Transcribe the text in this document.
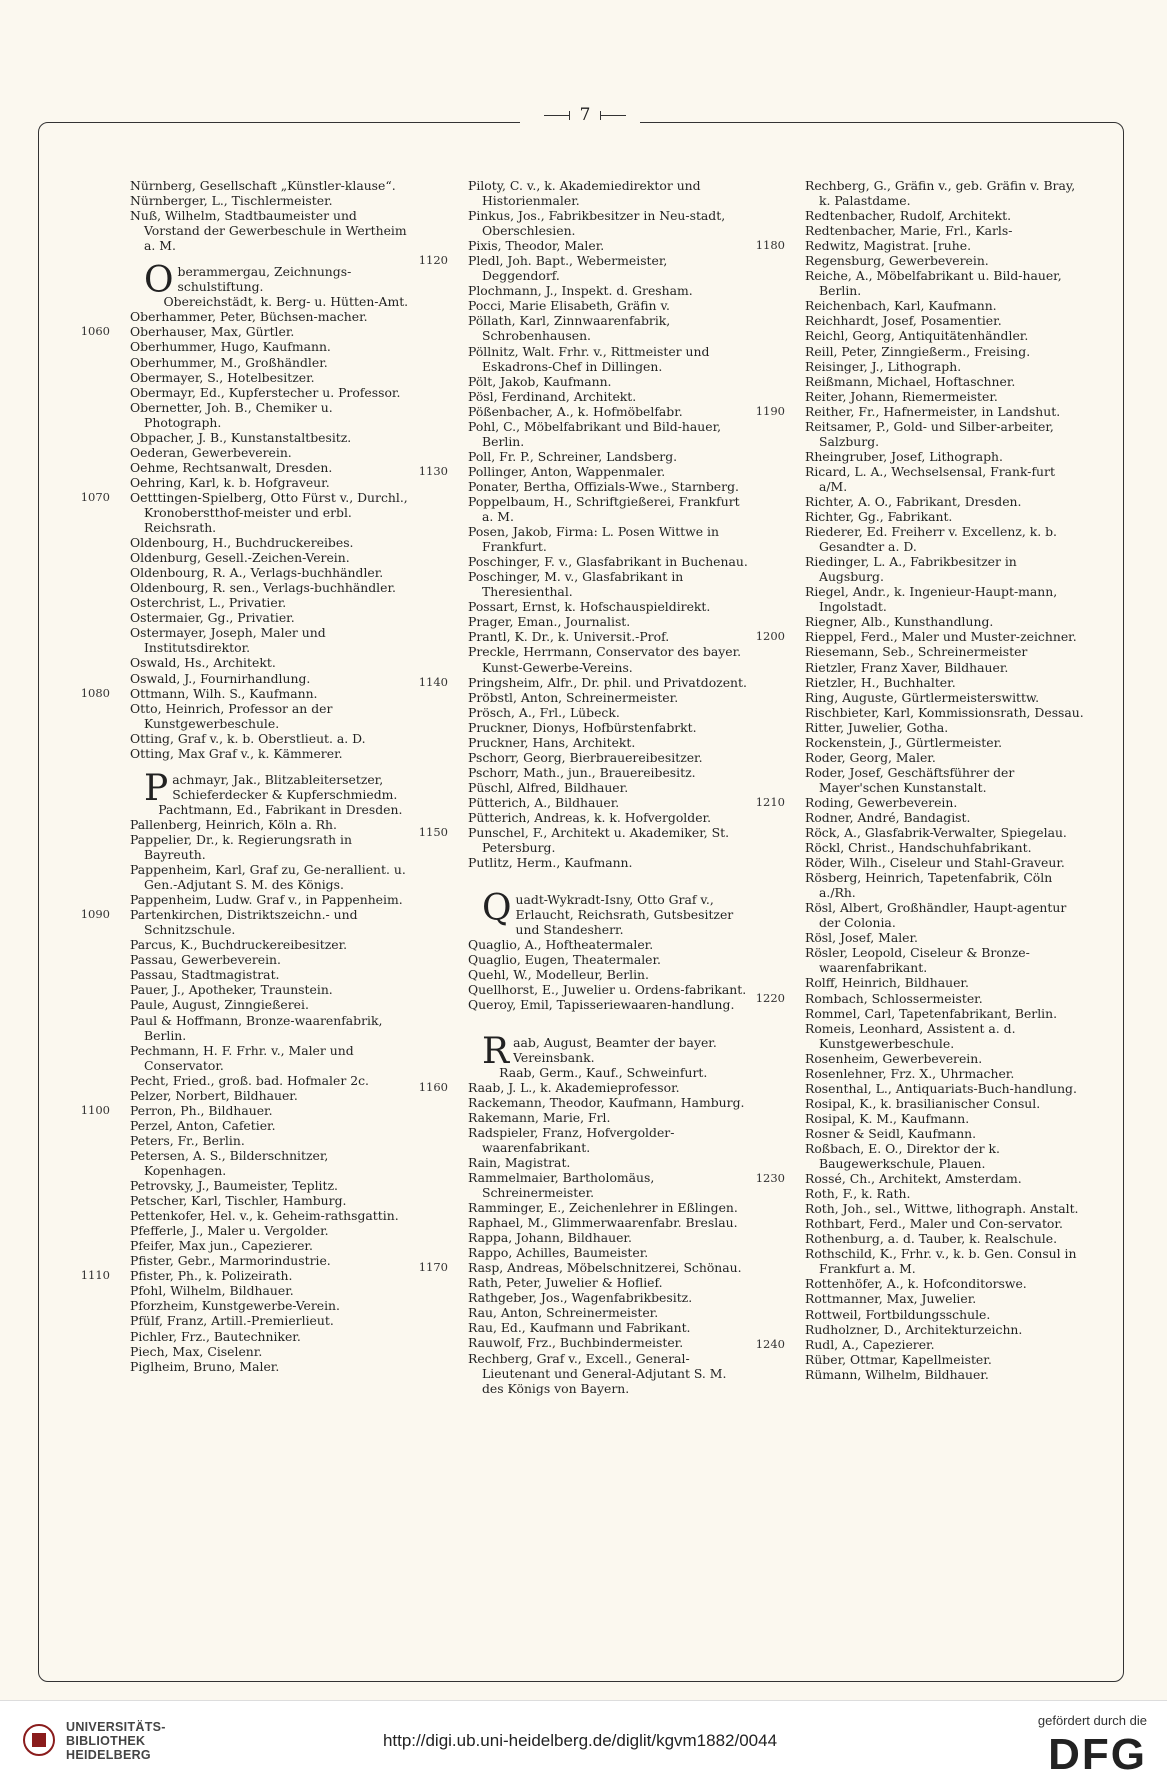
7
Nürnberg, Gesellschaft „Künstler-klause“.
Nürnberger, L., Tischlermeister.
Nuß, Wilhelm, Stadtbaumeister und Vorstand der Gewerbeschule in Wertheim a. M.
Oberammergau, Zeichnungs-schulstiftung.
Obereichstädt, k. Berg- u. Hütten-Amt.
Oberhammer, Peter, Büchsen-macher.
1060 Oberhauser, Max, Gürtler.
Oberhummer, Hugo, Kaufmann.
Oberhummer, M., Großhändler.
Obermayer, S., Hotelbesitzer.
Obermayr, Ed., Kupferstecher u. Professor.
Obernetter, Joh. B., Chemiker u. Photograph.
Obpacher, J. B., Kunstanstaltbesitz.
Oederan, Gewerbeverein.
Oehme, Rechtsanwalt, Dresden.
Oehring, Karl, k. b. Hofgraveur.
1070 Oetttingen-Spielberg, Otto Fürst v., Durchl., Kronoberstthof-meister und erbl. Reichsrath.
Oldenbourg, H., Buchdruckereibes.
Oldenburg, Gesell.-Zeichen-Verein.
Oldenbourg, R. A., Verlags-buchhändler.
Oldenbourg, R. sen., Verlags-buchhändler.
Osterchrist, L., Privatier.
Ostermaier, Gg., Privatier.
Ostermayer, Joseph, Maler und Institutsdirektor.
Oswald, Hs., Architekt.
Oswald, J., Fournirhandlung.
1080 Ottmann, Wilh. S., Kaufmann.
Otto, Heinrich, Professor an der Kunstgewerbeschule.
Otting, Graf v., k. b. Oberstlieut. a. D.
Otting, Max Graf v., k. Kämmerer.
Pachmayr, Jak., Blitzableitersetzer, Schieferdecker & Kupferschmiedm.
Pachtmann, Ed., Fabrikant in Dresden.
Pallenberg, Heinrich, Köln a. Rh.
Pappelier, Dr., k. Regierungsrath in Bayreuth.
Pappenheim, Karl, Graf zu, Ge-nerallient. u. Gen.-Adjutant S. M. des Königs.
Pappenheim, Ludw. Graf v., in Pappenheim.
1090 Partenkirchen, Distriktszeichn.- und Schnitzschule.
Parcus, K., Buchdruckereibesitzer.
Passau, Gewerbeverein.
Passau, Stadtmagistrat.
Pauer, J., Apotheker, Traunstein.
Paule, August, Zinngießerei.
Paul & Hoffmann, Bronze-waarenfabrik, Berlin.
Pechmann, H. F. Frhr. v., Maler und Conservator.
Pecht, Fried., groß. bad. Hofmaler 2c.
Pelzer, Norbert, Bildhauer.
1100 Perron, Ph., Bildhauer.
Perzel, Anton, Cafetier.
Peters, Fr., Berlin.
Petersen, A. S., Bilderschnitzer, Kopenhagen.
Petrovsky, J., Baumeister, Teplitz.
Petscher, Karl, Tischler, Hamburg.
Pettenkofer, Hel. v., k. Geheim-rathsgattin.
Pfefferle, J., Maler u. Vergolder.
Pfeifer, Max jun., Capezierer.
Pfister, Gebr., Marmorindustrie.
1110 Pfister, Ph., k. Polizeirath.
Pfohl, Wilhelm, Bildhauer.
Pforzheim, Kunstgewerbe-Verein.
Pfülf, Franz, Artill.-Premierlieut.
Pichler, Frz., Bautechniker.
Piech, Max, Ciselenr.
Piglheim, Bruno, Maler.
Piloty, C. v., k. Akademiedirektor und Historienmaler.
Pinkus, Jos., Fabrikbesitzer in Neu-stadt, Oberschlesien.
Pixis, Theodor, Maler.
1120 Pledl, Joh. Bapt., Webermeister, Deggendorf.
Plochmann, J., Inspekt. d. Gresham.
Pocci, Marie Elisabeth, Gräfin v.
Pöllath, Karl, Zinnwaarenfabrik, Schrobenhausen.
Pöllnitz, Walt. Frhr. v., Rittmeister und Eskadrons-Chef in Dillingen.
Pölt, Jakob, Kaufmann.
Pösl, Ferdinand, Architekt.
Pößenbacher, A., k. Hofmöbelfabr.
Pohl, C., Möbelfabrikant und Bild-hauer, Berlin.
Poll, Fr. P., Schreiner, Landsberg.
1130 Pollinger, Anton, Wappenmaler.
Ponater, Bertha, Offizials-Wwe., Starnberg.
Poppelbaum, H., Schriftgießerei, Frankfurt a. M.
Posen, Jakob, Firma: L. Posen Wittwe in Frankfurt.
Poschinger, F. v., Glasfabrikant in Buchenau.
Poschinger, M. v., Glasfabrikant in Theresienthal.
Possart, Ernst, k. Hofschauspieldirekt.
Prager, Eman., Journalist.
Prantl, K. Dr., k. Universit.-Prof.
Preckle, Herrmann, Conservator des bayer. Kunst-Gewerbe-Vereins.
1140 Pringsheim, Alfr., Dr. phil. und Privatdozent.
Pröbstl, Anton, Schreinermeister.
Prösch, A., Frl., Lübeck.
Pruckner, Dionys, Hofbürstenfabrkt.
Pruckner, Hans, Architekt.
Pschorr, Georg, Bierbrauereibesitzer.
Pschorr, Math., jun., Brauereibesitz.
Püschl, Alfred, Bildhauer.
Pütterich, A., Bildhauer.
Pütterich, Andreas, k. k. Hofvergolder.
1150 Punschel, F., Architekt u. Akademiker, St. Petersburg.
Putlitz, Herm., Kaufmann.
Quadt-Wykradt-Isny, Otto Graf v., Erlaucht, Reichsrath, Gutsbesitzer und Standesherr.
Quaglio, A., Hoftheatermaler.
Quaglio, Eugen, Theatermaler.
Quehl, W., Modelleur, Berlin.
Quellhorst, E., Juwelier u. Ordens-fabrikant.
Queroy, Emil, Tapisseriewaaren-handlung.
Raab, August, Beamter der bayer. Vereinsbank.
Raab, Germ., Kauf., Schweinfurt.
1160 Raab, J. L., k. Akademieprofessor.
Rackemann, Theodor, Kaufmann, Hamburg.
Rakemann, Marie, Frl.
Radspieler, Franz, Hofvergolder-waarenfabrikant.
Rain, Magistrat.
Rammelmaier, Bartholomäus, Schreinermeister.
Ramminger, E., Zeichenlehrer in Eßlingen.
Raphael, M., Glimmerwaarenfabr. Breslau.
Rappa, Johann, Bildhauer.
Rappo, Achilles, Baumeister.
1170 Rasp, Andreas, Möbelschnitzerei, Schönau.
Rath, Peter, Juwelier & Hoflief.
Rathgeber, Jos., Wagenfabrikbesitz.
Rau, Anton, Schreinermeister.
Rau, Ed., Kaufmann und Fabrikant.
Rauwolf, Frz., Buchbindermeister.
Rechberg, Graf v., Excell., General-Lieutenant und General-Adjutant S. M. des Königs von Bayern.
Rechberg, G., Gräfin v., geb. Gräfin v. Bray, k. Palastdame.
Redtenbacher, Rudolf, Architekt.
Redtenbacher, Marie, Frl., Karls-
1180 Redwitz, Magistrat. [ruhe.
Regensburg, Gewerbeverein.
Reiche, A., Möbelfabrikant u. Bild-hauer, Berlin.
Reichenbach, Karl, Kaufmann.
Reichhardt, Josef, Posamentier.
Reichl, Georg, Antiquitätenhändler.
Reill, Peter, Zinngießerm., Freising.
Reisinger, J., Lithograph.
Reißmann, Michael, Hoftaschner.
Reiter, Johann, Riemermeister.
1190 Reither, Fr., Hafnermeister, in Landshut.
Reitsamer, P., Gold- und Silber-arbeiter, Salzburg.
Rheingruber, Josef, Lithograph.
Ricard, L. A., Wechselsensal, Frank-furt a/M.
Richter, A. O., Fabrikant, Dresden.
Richter, Gg., Fabrikant.
Riederer, Ed. Freiherr v. Excellenz, k. b. Gesandter a. D.
Riedinger, L. A., Fabrikbesitzer in Augsburg.
Riegel, Andr., k. Ingenieur-Haupt-mann, Ingolstadt.
Riegner, Alb., Kunsthandlung.
1200 Rieppel, Ferd., Maler und Muster-zeichner.
Riesemann, Seb., Schreinermeister
Rietzler, Franz Xaver, Bildhauer.
Rietzler, H., Buchhalter.
Ring, Auguste, Gürtlermeisterswittw.
Rischbieter, Karl, Kommissionsrath, Dessau.
Ritter, Juwelier, Gotha.
Rockenstein, J., Gürtlermeister.
Roder, Georg, Maler.
Roder, Josef, Geschäftsführer der Mayer'schen Kunstanstalt.
1210 Roding, Gewerbeverein.
Rodner, André, Bandagist.
Röck, A., Glasfabrik-Verwalter, Spiegelau.
Röckl, Christ., Handschuhfabrikant.
Röder, Wilh., Ciseleur und Stahl-Graveur.
Rösberg, Heinrich, Tapetenfabrik, Cöln a./Rh.
Rösl, Albert, Großhändler, Haupt-agentur der Colonia.
Rösl, Josef, Maler.
Rösler, Leopold, Ciseleur & Bronze-waarenfabrikant.
Rolff, Heinrich, Bildhauer.
1220 Rombach, Schlossermeister.
Rommel, Carl, Tapetenfabrikant, Berlin.
Romeis, Leonhard, Assistent a. d. Kunstgewerbeschule.
Rosenheim, Gewerbeverein.
Rosenlehner, Frz. X., Uhrmacher.
Rosenthal, L., Antiquariats-Buch-handlung.
Rosipal, K., k. brasilianischer Consul.
Rosipal, K. M., Kaufmann.
Rosner & Seidl, Kaufmann.
Roßbach, E. O., Direktor der k. Baugewerkschule, Plauen.
1230 Rossé, Ch., Architekt, Amsterdam.
Roth, F., k. Rath.
Roth, Joh., sel., Wittwe, lithograph. Anstalt.
Rothbart, Ferd., Maler und Con-servator.
Rothenburg, a. d. Tauber, k. Realschule.
Rothschild, K., Frhr. v., k. b. Gen. Consul in Frankfurt a. M.
Rottenhöfer, A., k. Hofconditorswe.
Rottmanner, Max, Juwelier.
Rottweil, Fortbildungsschule.
Rudholzner, D., Architekturzeichn.
1240 Rudl, A., Capezierer.
Rüber, Ottmar, Kapellmeister.
Rümann, Wilhelm, Bildhauer.
UNIVERSITÄTS-
BIBLIOTHEK
HEIDELBERG
http://digi.ub.uni-heidelberg.de/diglit/kgvm1882/0044
gefördert durch die
DFG
